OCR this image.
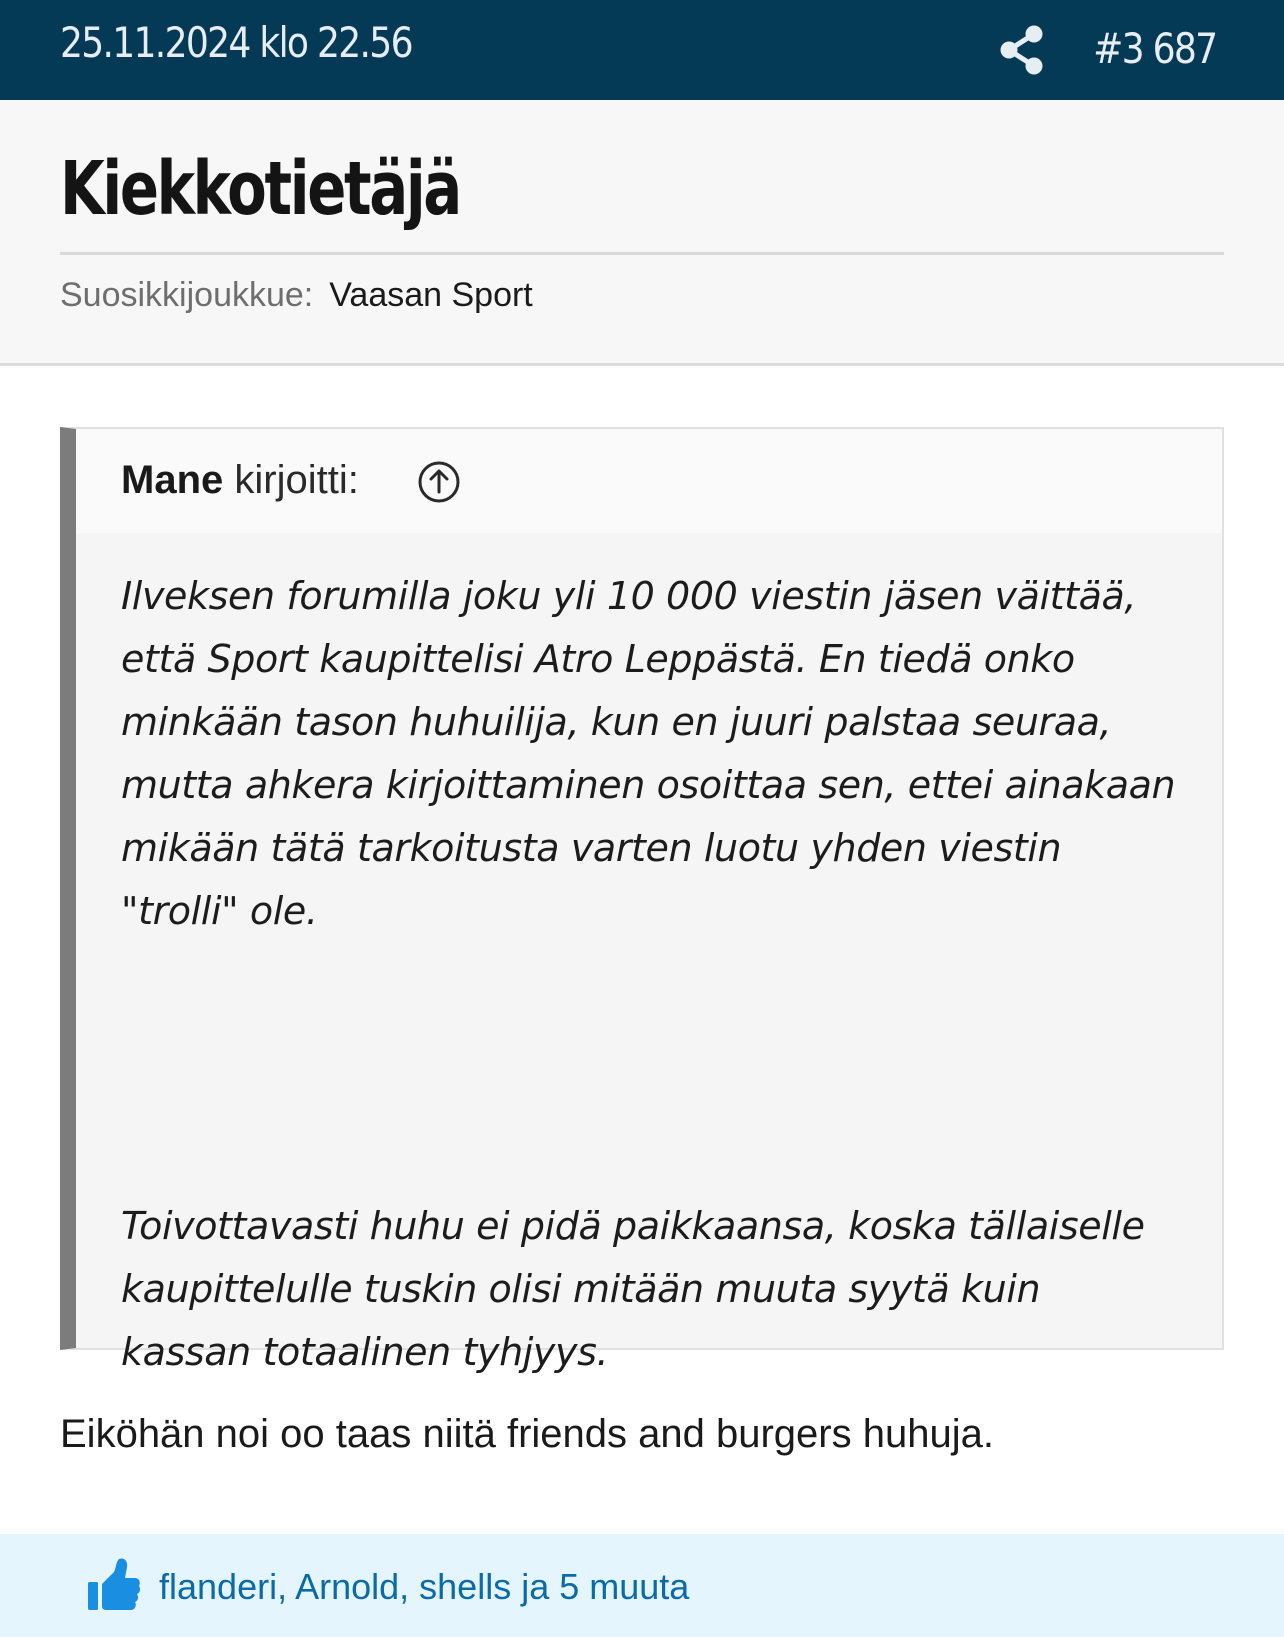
25.11.2024 klo 22.56	#3 687
Kiekkotietäjä
Suosikkijoukkue: Vaasan Sport
Mane kirjoitti:

Ilveksen forumilla joku yli 10 000 viestin jäsen väittää, että Sport kaupittelisi Atro Leppästä. En tiedä onko minkään tason huhuilija, kun en juuri palstaa seuraa, mutta ahkera kirjoittaminen osoittaa sen, ettei ainakaan mikään tätä tarkoitusta varten luotu yhden viestin "trolli" ole.

Toivottavasti huhu ei pidä paikkaansa, koska tällaiselle kaupittelulle tuskin olisi mitään muuta syytä kuin kassan totaalinen tyhjyys.

Eiköhän noi oo taas niitä friends and burgers huhuja.
flanderi, Arnold, shells ja 5 muuta
